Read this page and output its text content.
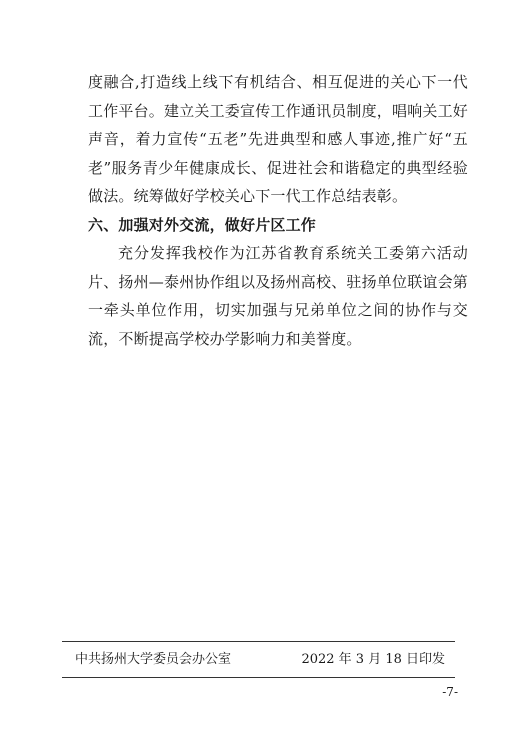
度融合,打造线上线下有机结合、相互促进的关心下一代工作平台。建立关工委宣传工作通讯员制度，唱响关工好声音，着力宣传“五老”先进典型和感人事迹,推广好“五老”服务青少年健康成长、促进社会和谐稳定的典型经验做法。统筹做好学校关心下一代工作总结表彰。

六、加强对外交流，做好片区工作

充分发挥我校作为江苏省教育系统关工委第六活动片、扬州—泰州协作组以及扬州高校、驻扬单位联谊会第一牵头单位作用，切实加强与兄弟单位之间的协作与交流，不断提高学校办学影响力和美誉度。

中共扬州大学委员会办公室	2022 年 3 月 18 日印发
-7-
